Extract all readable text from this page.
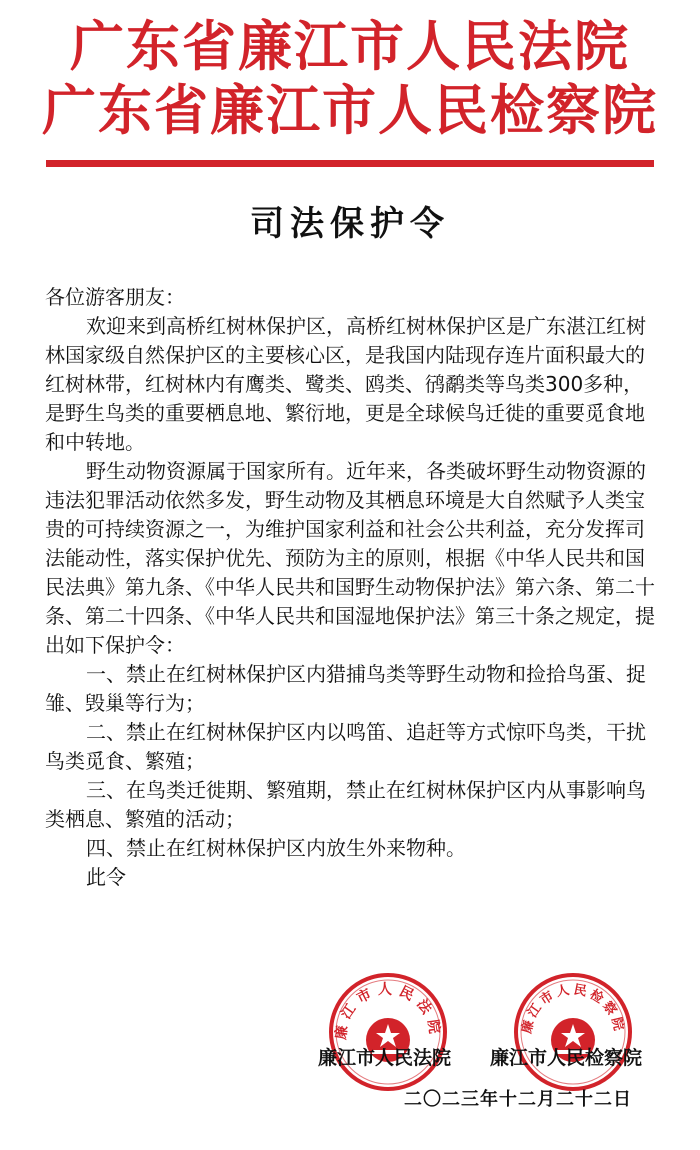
广东省廉江市人民法院
广东省廉江市人民检察院
司法保护令

各位游客朋友：

欢迎来到高桥红树林保护区，高桥红树林保护区是广东湛江红树林国家级自然保护区的主要核心区，是我国内陆现存连片面积最大的红树林带，红树林内有鹰类、鹭类、鸥类、鸻鹬类等鸟类300多种，是野生鸟类的重要栖息地、繁衍地，更是全球候鸟迁徙的重要觅食地和中转地。

野生动物资源属于国家所有。近年来，各类破坏野生动物资源的违法犯罪活动依然多发，野生动物及其栖息环境是大自然赋予人类宝贵的可持续资源之一，为维护国家利益和社会公共利益，充分发挥司法能动性，落实保护优先、预防为主的原则，根据《中华人民共和国民法典》第九条、《中华人民共和国野生动物保护法》第六条、第二十条、第二十四条、《中华人民共和国湿地保护法》第三十条之规定，提出如下保护令：

一、禁止在红树林保护区内猎捕鸟类等野生动物和捡拾鸟蛋、捉雏、毁巢等行为；

二、禁止在红树林保护区内以鸣笛、追赶等方式惊吓鸟类，干扰鸟类觅食、繁殖；

三、在鸟类迁徙期、繁殖期，禁止在红树林保护区内从事影响鸟类栖息、繁殖的活动；

四、禁止在红树林保护区内放生外来物种。

此令

廉江市人民法院	廉江市人民检察院
廉江市人民法院 廉江市人民检察院
二〇二三年十二月二十二日
